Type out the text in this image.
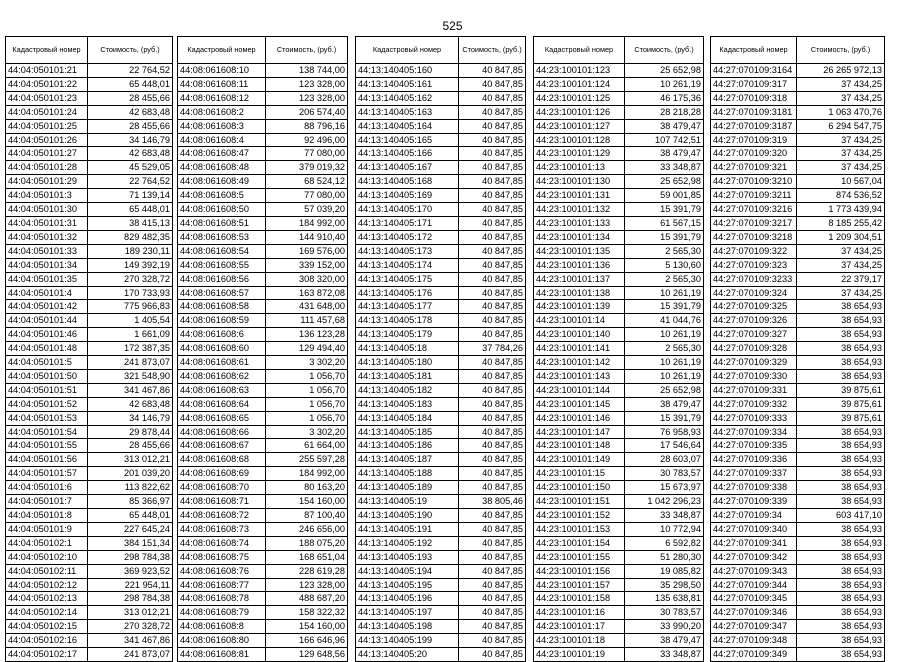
525
Кадастровый номер	Стоимость, (руб.)
44:04:050101:21	22 764,52
44:04:050101:22	65 448,01
44:04:050101:23	28 455,66
44:04:050101:24	42 683,48
44:04:050101:25	28 455,66
44:04:050101:26	34 146,79
44:04:050101:27	42 683,48
44:04:050101:28	45 529,05
44:04:050101:29	22 764,52
44:04:050101:3	71 139,14
44:04:050101:30	65 448,01
44:04:050101:31	38 415,13
44:04:050101:32	829 482,35
44:04:050101:33	189 230,11
44:04:050101:34	149 392,19
44:04:050101:35	270 328,72
44:04:050101:4	170 733,93
44:04:050101:42	775 966,83
44:04:050101:44	1 405,54
44:04:050101:46	1 661,09
44:04:050101:48	172 387,35
44:04:050101:5	241 873,07
44:04:050101:50	321 548,90
44:04:050101:51	341 467,86
44:04:050101:52	42 683,48
44:04:050101:53	34 146,79
44:04:050101:54	29 878,44
44:04:050101:55	28 455,66
44:04:050101:56	313 012,21
44:04:050101:57	201 039,20
44:04:050101:6	113 822,62
44:04:050101:7	85 366,97
44:04:050101:8	65 448,01
44:04:050101:9	227 645,24
44:04:050102:1	384 151,34
44:04:050102:10	298 784,38
44:04:050102:11	369 923,52
44:04:050102:12	221 954,11
44:04:050102:13	298 784,38
44:04:050102:14	313 012,21
44:04:050102:15	270 328,72
44:04:050102:16	341 467,86
44:04:050102:17	241 873,07
Кадастровый номер	Стоимость, (руб.)
44:08:061608:10	138 744,00
44:08:061608:11	123 328,00
44:08:061608:12	123 328,00
44:08:061608:2	206 574,40
44:08:061608:3	88 796,16
44:08:061608:4	92 496,00
44:08:061608:47	77 080,00
44:08:061608:48	379 019,32
44:08:061608:49	68 524,12
44:08:061608:5	77 080,00
44:08:061608:50	57 039,20
44:08:061608:51	184 992,00
44:08:061608:53	144 910,40
44:08:061608:54	169 576,00
44:08:061608:55	339 152,00
44:08:061608:56	308 320,00
44:08:061608:57	163 872,08
44:08:061608:58	431 648,00
44:08:061608:59	111 457,68
44:08:061608:6	136 123,28
44:08:061608:60	129 494,40
44:08:061608:61	3 302,20
44:08:061608:62	1 056,70
44:08:061608:63	1 056,70
44:08:061608:64	1 056,70
44:08:061608:65	1 056,70
44:08:061608:66	3 302,20
44:08:061608:67	61 664,00
44:08:061608:68	255 597,28
44:08:061608:69	184 992,00
44:08:061608:70	80 163,20
44:08:061608:71	154 160,00
44:08:061608:72	87 100,40
44:08:061608:73	246 656,00
44:08:061608:74	188 075,20
44:08:061608:75	168 651,04
44:08:061608:76	228 619,28
44:08:061608:77	123 328,00
44:08:061608:78	488 687,20
44:08:061608:79	158 322,32
44:08:061608:8	154 160,00
44:08:061608:80	166 646,96
44:08:061608:81	129 648,56
Кадастровый номер	Стоимость, (руб.)
44:13:140405:160	40 847,85
44:13:140405:161	40 847,85
44:13:140405:162	40 847,85
44:13:140405:163	40 847,85
44:13:140405:164	40 847,85
44:13:140405:165	40 847,85
44:13:140405:166	40 847,85
44:13:140405:167	40 847,85
44:13:140405:168	40 847,85
44:13:140405:169	40 847,85
44:13:140405:170	40 847,85
44:13:140405:171	40 847,85
44:13:140405:172	40 847,85
44:13:140405:173	40 847,85
44:13:140405:174	40 847,85
44:13:140405:175	40 847,85
44:13:140405:176	40 847,85
44:13:140405:177	40 847,85
44:13:140405:178	40 847,85
44:13:140405:179	40 847,85
44:13:140405:18	37 784,26
44:13:140405:180	40 847,85
44:13:140405:181	40 847,85
44:13:140405:182	40 847,85
44:13:140405:183	40 847,85
44:13:140405:184	40 847,85
44:13:140405:185	40 847,85
44:13:140405:186	40 847,85
44:13:140405:187	40 847,85
44:13:140405:188	40 847,85
44:13:140405:189	40 847,85
44:13:140405:19	38 805,46
44:13:140405:190	40 847,85
44:13:140405:191	40 847,85
44:13:140405:192	40 847,85
44:13:140405:193	40 847,85
44:13:140405:194	40 847,85
44:13:140405:195	40 847,85
44:13:140405:196	40 847,85
44:13:140405:197	40 847,85
44:13:140405:198	40 847,85
44:13:140405:199	40 847,85
44:13:140405:20	40 847,85
Кадастровый номер	Стоимость, (руб.)
44:23:100101:123	25 652,98
44:23:100101:124	10 261,19
44:23:100101:125	46 175,36
44:23:100101:126	28 218,28
44:23:100101:127	38 479,47
44:23:100101:128	107 742,51
44:23:100101:129	38 479,47
44:23:100101:13	33 348,87
44:23:100101:130	25 652,98
44:23:100101:131	59 001,85
44:23:100101:132	15 391,79
44:23:100101:133	61 567,15
44:23:100101:134	15 391,79
44:23:100101:135	2 565,30
44:23:100101:136	5 130,60
44:23:100101:137	2 565,30
44:23:100101:138	10 261,19
44:23:100101:139	15 391,79
44:23:100101:14	41 044,76
44:23:100101:140	10 261,19
44:23:100101:141	2 565,30
44:23:100101:142	10 261,19
44:23:100101:143	10 261,19
44:23:100101:144	25 652,98
44:23:100101:145	38 479,47
44:23:100101:146	15 391,79
44:23:100101:147	76 958,93
44:23:100101:148	17 546,64
44:23:100101:149	28 603,07
44:23:100101:15	30 783,57
44:23:100101:150	15 673,97
44:23:100101:151	1 042 296,23
44:23:100101:152	33 348,87
44:23:100101:153	10 772,94
44:23:100101:154	6 592,82
44:23:100101:155	51 280,30
44:23:100101:156	19 085,82
44:23:100101:157	35 298,50
44:23:100101:158	135 638,81
44:23:100101:16	30 783,57
44:23:100101:17	33 990,20
44:23:100101:18	38 479,47
44:23:100101:19	33 348,87
Кадастровый номер	Стоимость, (руб.)
44:27:070109:3164	26 265 972,13
44:27:070109:317	37 434,25
44:27:070109:318	37 434,25
44:27:070109:3181	1 063 470,76
44:27:070109:3187	6 294 547,75
44:27:070109:319	37 434,25
44:27:070109:320	37 434,25
44:27:070109:321	37 434,25
44:27:070109:3210	10 567,04
44:27:070109:3211	874 536,52
44:27:070109:3216	1 773 439,94
44:27:070109:3217	8 185 255,42
44:27:070109:3218	1 209 304,51
44:27:070109:322	37 434,25
44:27:070109:323	37 434,25
44:27:070109:3233	22 379,17
44:27:070109:324	37 434,25
44:27:070109:325	38 654,93
44:27:070109:326	38 654,93
44:27:070109:327	38 654,93
44:27:070109:328	38 654,93
44:27:070109:329	38 654,93
44:27:070109:330	38 654,93
44:27:070109:331	39 875,61
44:27:070109:332	39 875,61
44:27:070109:333	39 875,61
44:27:070109:334	38 654,93
44:27:070109:335	38 654,93
44:27:070109:336	38 654,93
44:27:070109:337	38 654,93
44:27:070109:338	38 654,93
44:27:070109:339	38 654,93
44:27:070109:34	603 417,10
44:27:070109:340	38 654,93
44:27:070109:341	38 654,93
44:27:070109:342	38 654,93
44:27:070109:343	38 654,93
44:27:070109:344	38 654,93
44:27:070109:345	38 654,93
44:27:070109:346	38 654,93
44:27:070109:347	38 654,93
44:27:070109:348	38 654,93
44:27:070109:349	38 654,93
